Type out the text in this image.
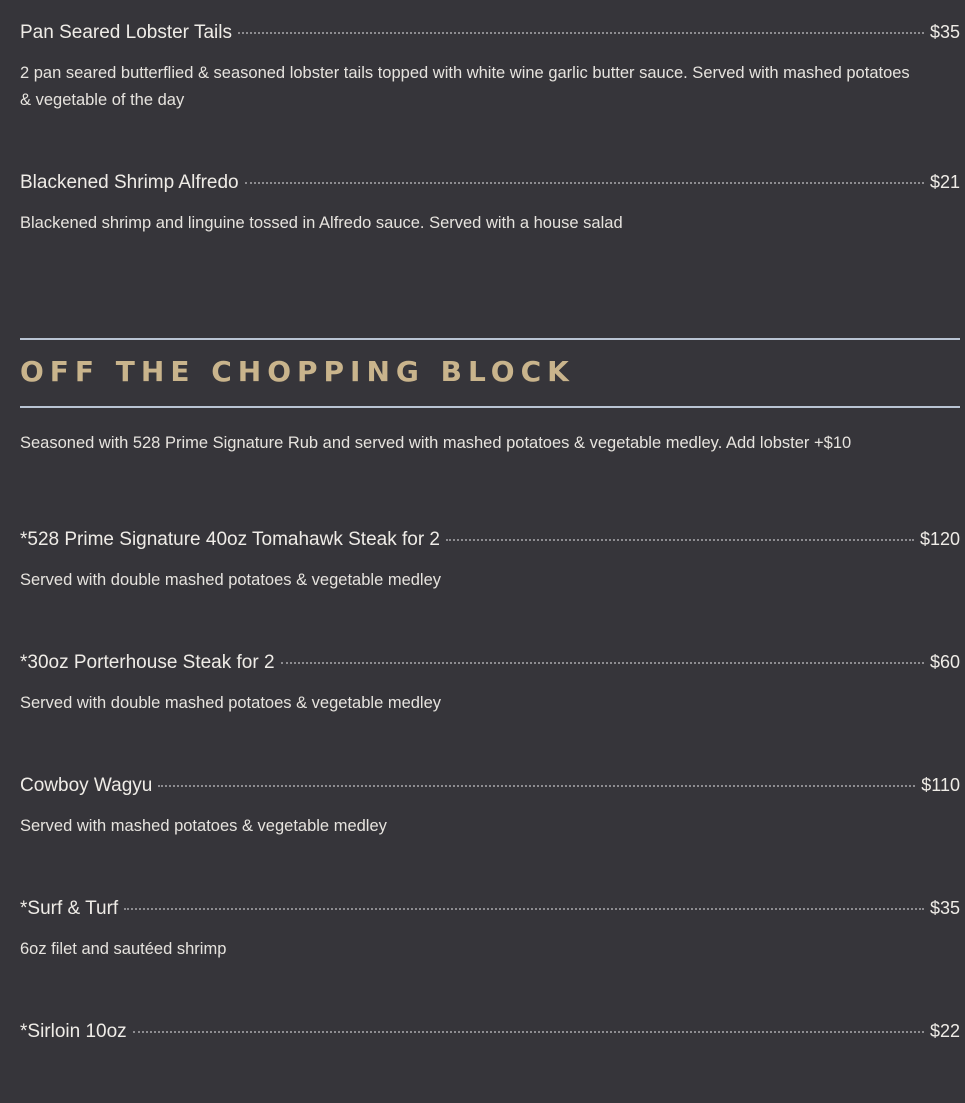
Pan Seared Lobster Tails	$35
2 pan seared butterflied & seasoned lobster tails topped with white wine garlic butter sauce. Served with mashed potatoes & vegetable of the day
Blackened Shrimp Alfredo	$21
Blackened shrimp and linguine tossed in Alfredo sauce. Served with a house salad
OFF THE CHOPPING BLOCK
Seasoned with 528 Prime Signature Rub and served with mashed potatoes & vegetable medley. Add lobster +$10
*528 Prime Signature 40oz Tomahawk Steak for 2	$120
Served with double mashed potatoes & vegetable medley
*30oz Porterhouse Steak for 2	$60
Served with double mashed potatoes & vegetable medley
Cowboy Wagyu	$110
Served with mashed potatoes & vegetable medley
*Surf & Turf	$35
6oz filet and sautéed shrimp
*Sirloin 10oz	$22
